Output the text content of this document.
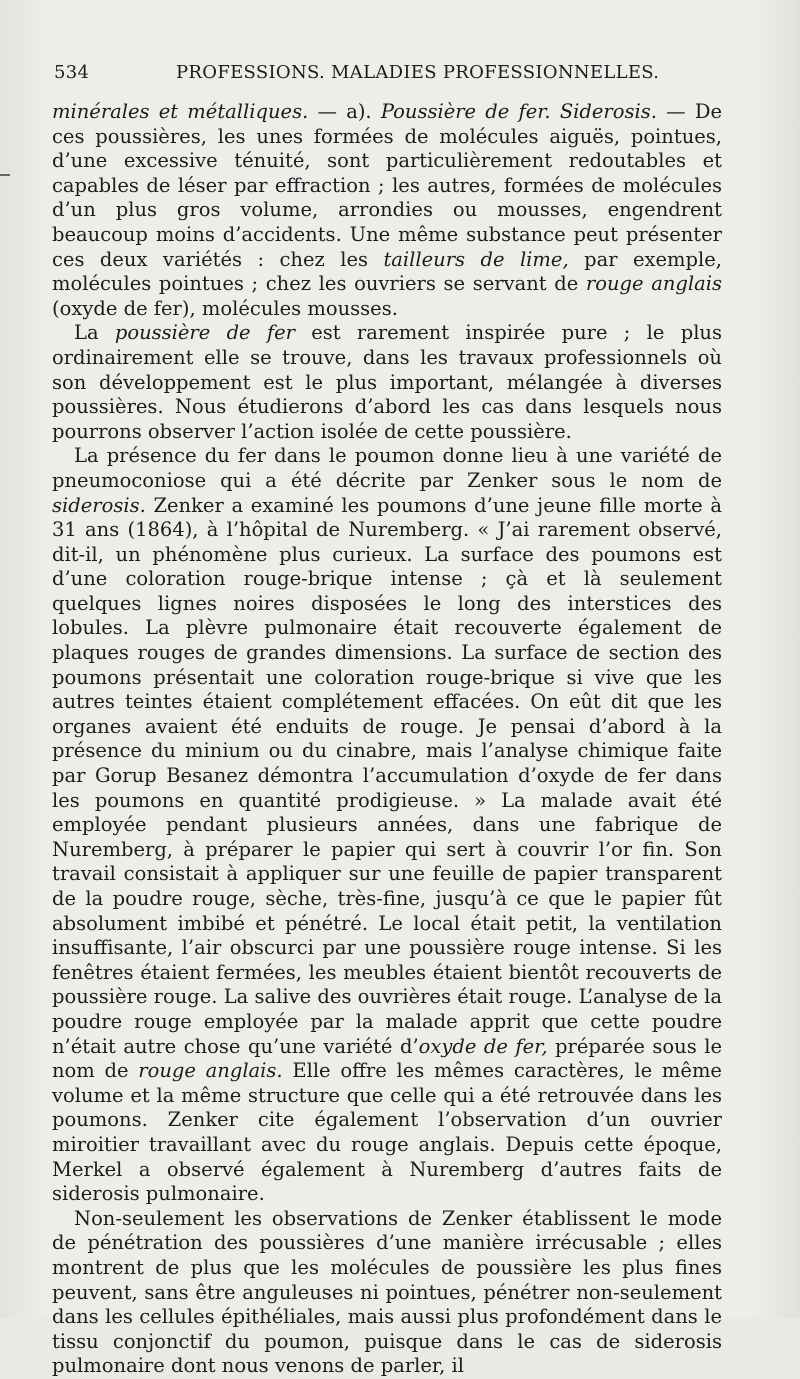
534	PROFESSIONS. MALADIES PROFESSIONNELLES.

minérales et métalliques. — a). Poussière de fer. Siderosis. — De ces poussières, les unes formées de molécules aiguës, pointues, d’une excessive ténuité, sont particulièrement redoutables et capables de léser par effraction ; les autres, formées de molécules d’un plus gros volume, arrondies ou mousses, engendrent beaucoup moins d’accidents. Une même substance peut présenter ces deux variétés : chez les tailleurs de lime, par exemple, molécules pointues ; chez les ouvriers se servant de rouge anglais (oxyde de fer), molécules mousses.

La poussière de fer est rarement inspirée pure ; le plus ordinairement elle se trouve, dans les travaux professionnels où son développement est le plus important, mélangée à diverses poussières. Nous étudierons d’abord les cas dans lesquels nous pourrons observer l’action isolée de cette poussière.

La présence du fer dans le poumon donne lieu à une variété de pneumoconiose qui a été décrite par Zenker sous le nom de siderosis. Zenker a examiné les poumons d’une jeune fille morte à 31 ans (1864), à l’hôpital de Nuremberg. « J’ai rarement observé, dit-il, un phénomène plus curieux. La surface des poumons est d’une coloration rouge-brique intense ; çà et là seulement quelques lignes noires disposées le long des interstices des lobules. La plèvre pulmonaire était recouverte également de plaques rouges de grandes dimensions. La surface de section des poumons présentait une coloration rouge-brique si vive que les autres teintes étaient complétement effacées. On eût dit que les organes avaient été enduits de rouge. Je pensai d’abord à la présence du minium ou du cinabre, mais l’analyse chimique faite par Gorup Besanez démontra l’accumulation d’oxyde de fer dans les poumons en quantité prodigieuse. » La malade avait été employée pendant plusieurs années, dans une fabrique de Nuremberg, à préparer le papier qui sert à couvrir l’or fin. Son travail consistait à appliquer sur une feuille de papier transparent de la poudre rouge, sèche, très-fine, jusqu’à ce que le papier fût absolument imbibé et pénétré. Le local était petit, la ventilation insuffisante, l’air obscurci par une poussière rouge intense. Si les fenêtres étaient fermées, les meubles étaient bientôt recouverts de poussière rouge. La salive des ouvrières était rouge. L’analyse de la poudre rouge employée par la malade apprit que cette poudre n’était autre chose qu’une variété d’oxyde de fer, préparée sous le nom de rouge anglais. Elle offre les mêmes caractères, le même volume et la même structure que celle qui a été retrouvée dans les poumons. Zenker cite également l’observation d’un ouvrier miroitier travaillant avec du rouge anglais. Depuis cette époque, Merkel a observé également à Nuremberg d’autres faits de siderosis pulmonaire.

Non-seulement les observations de Zenker établissent le mode de pénétration des poussières d’une manière irrécusable ; elles montrent de plus que les molécules de poussière les plus fines peuvent, sans être anguleuses ni pointues, pénétrer non-seulement dans les cellules épithéliales, mais aussi plus profondément dans le tissu conjonctif du poumon, puisque dans le cas de siderosis pulmonaire dont nous venons de parler, il
